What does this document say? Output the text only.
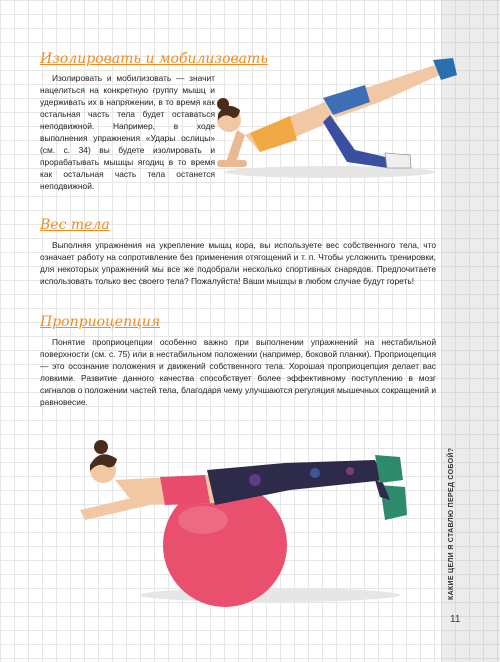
КАКИЕ ЦЕЛИ Я СТАВЛЮ ПЕРЕД СОБОЙ?
11
Изолировать и мобилизовать

Изолировать и мобилизовать — значит нацелиться на конкретную группу мышц и удерживать их в напряжении, в то время как остальная часть тела будет оставаться неподвижной. Например, в ходе выполнения упражнения «Удары ослицы» (см. с. 34) вы будете изолировать и прорабатывать мышцы ягодиц в то время как остальная часть тела останется неподвижной.

Вес тела

Выполняя упражнения на укрепление мышц кора, вы используете вес собственного тела, что означает работу на сопротивление без применения отягощений и т. п. Чтобы усложнить тренировки, для некоторых упражнений мы все же подобрали несколько спортивных снарядов. Предпочитаете использовать только вес своего тела? Пожалуйста! Ваши мышцы в любом случае будут гореть!

Проприоцепция

Понятие проприоцепции особенно важно при выполнении упражнений на нестабильной поверхности (см. с. 75) или в нестабильном положении (например, боковой планки). Проприоцепция — это осознание положения и движений собственного тела. Хорошая проприоцепция делает вас ловкими. Развитие данного качества способствует более эффективному поступлению в мозг сигналов о положении частей тела, благодаря чему улучшаются регуляция мышечных сокращений и равновесие.
